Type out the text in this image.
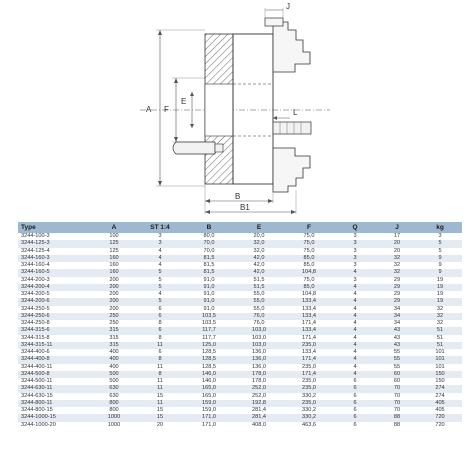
A F
E
J
L
B
B1
Type	A	ST 1:4	B	E	F	Q	J	kg
3244-100-3	100	3	80,0	20,0	75,0	3	17	3
3244-125-3	125	3	70,0	32,0	75,0	3	20	5
3244-125-4	125	4	70,0	32,0	75,0	3	20	5
3244-160-3	160	4	81,5	42,0	85,0	3	32	9
3244-160-4	160	4	81,5	42,0	85,0	3	32	9
3244-160-5	160	5	81,5	42,0	104,8	4	32	9
3244-200-3	200	5	91,0	51,5	75,0	3	29	19
3244-200-4	200	5	91,0	51,5	85,0	4	29	19
3244-200-5	200	4	91,0	55,0	104,8	4	29	19
3244-200-6	200	5	91,0	55,0	133,4	4	29	19
3244-250-5	200	6	91,0	55,0	133,4	4	34	32
3244-250-6	250	6	103,5	76,0	133,4	4	34	32
3244-250-8	250	8	103,5	76,0	171,4	4	34	32
3244-315-6	315	6	117,7	103,0	133,4	4	43	51
3244-315-8	315	8	117,7	103,0	171,4	4	43	51
3244-315-11	315	11	125,0	103,0	235,0	4	43	51
3244-400-6	400	6	128,5	136,0	133,4	4	55	101
3244-400-8	400	8	128,5	136,0	171,4	4	55	101
3244-400-11	400	11	128,5	136,0	235,0	4	55	101
3244-500-8	500	8	146,0	178,0	171,4	4	60	150
3244-500-11	500	11	146,0	178,0	235,0	6	60	150
3244-630-11	630	11	165,0	252,0	235,0	6	70	274
3244-630-15	630	15	165,0	252,0	330,2	6	70	274
3244-800-11	800	11	159,0	192,8	235,0	6	70	405
3244-800-15	800	15	159,0	281,4	330,2	6	70	405
3244-1000-15	1000	15	171,0	281,4	330,2	6	88	720
3244-1000-20	1000	20	171,0	408,0	463,6	6	88	720
